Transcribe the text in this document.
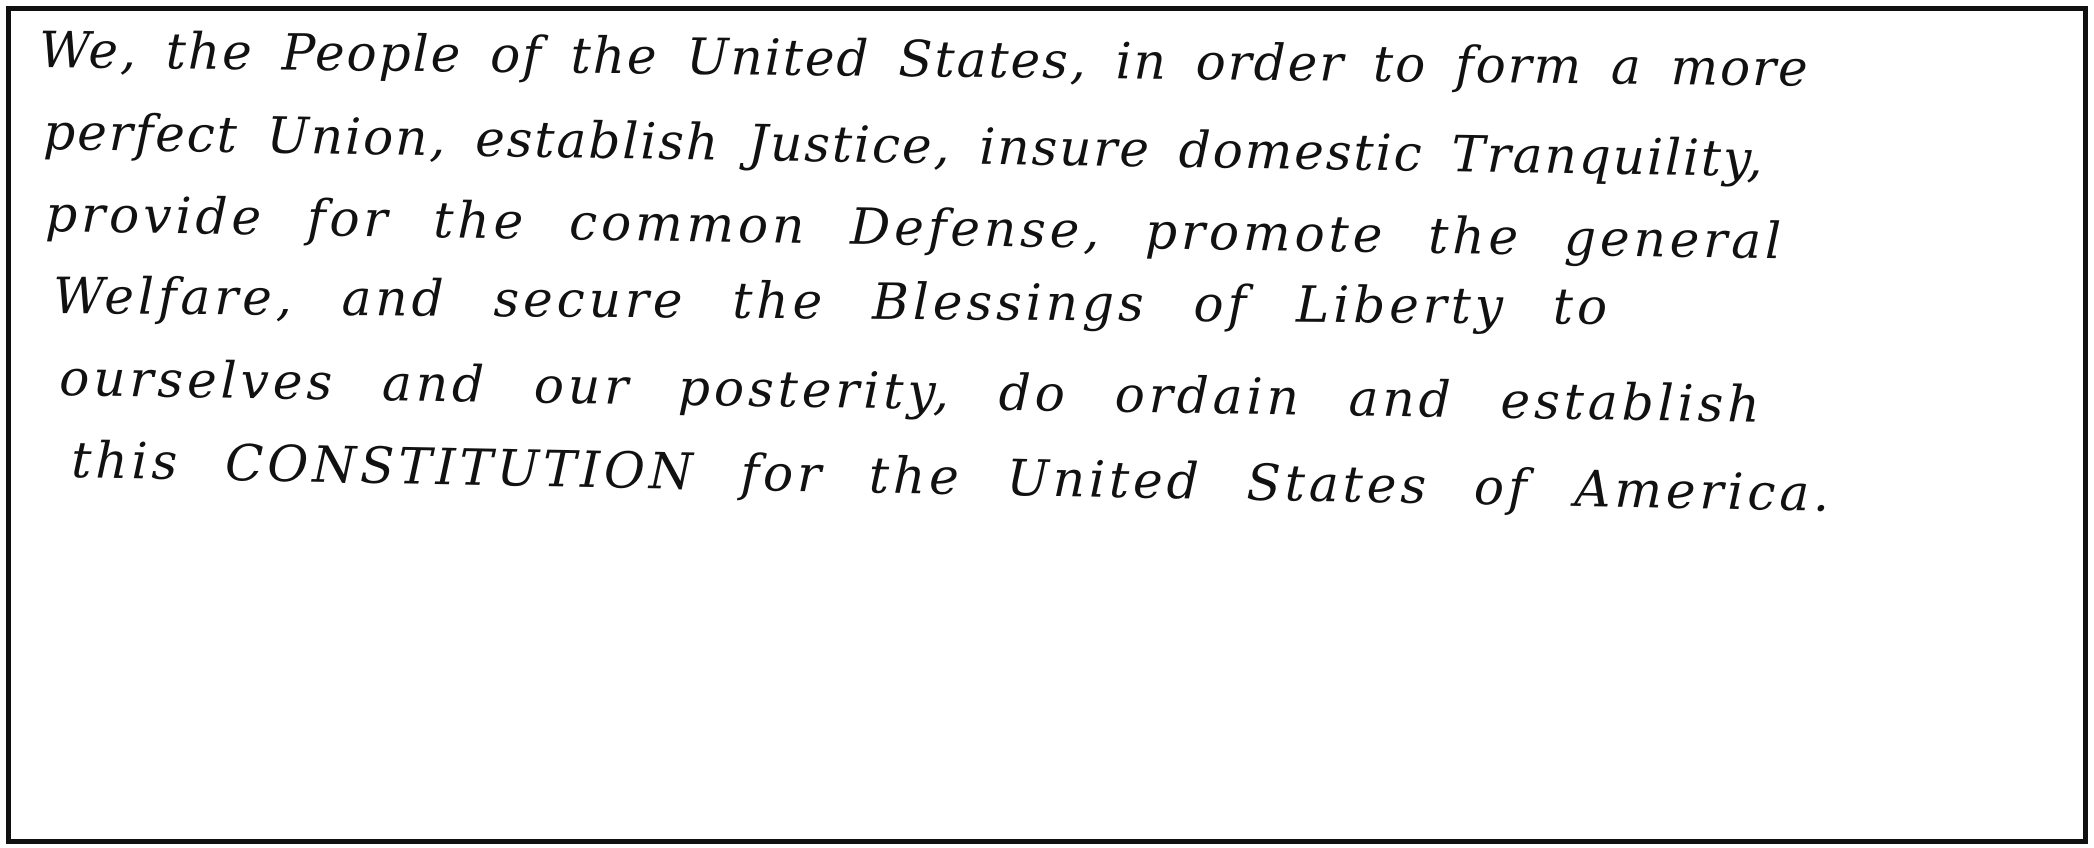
We, the People of the United States, in order to form a more
perfect Union, establish Justice, insure domestic Tranquility,
provide for the common Defense, promote the general
Welfare, and secure the Blessings of Liberty to
ourselves and our posterity, do ordain and establish
this CONSTITUTION for the United States of America.
